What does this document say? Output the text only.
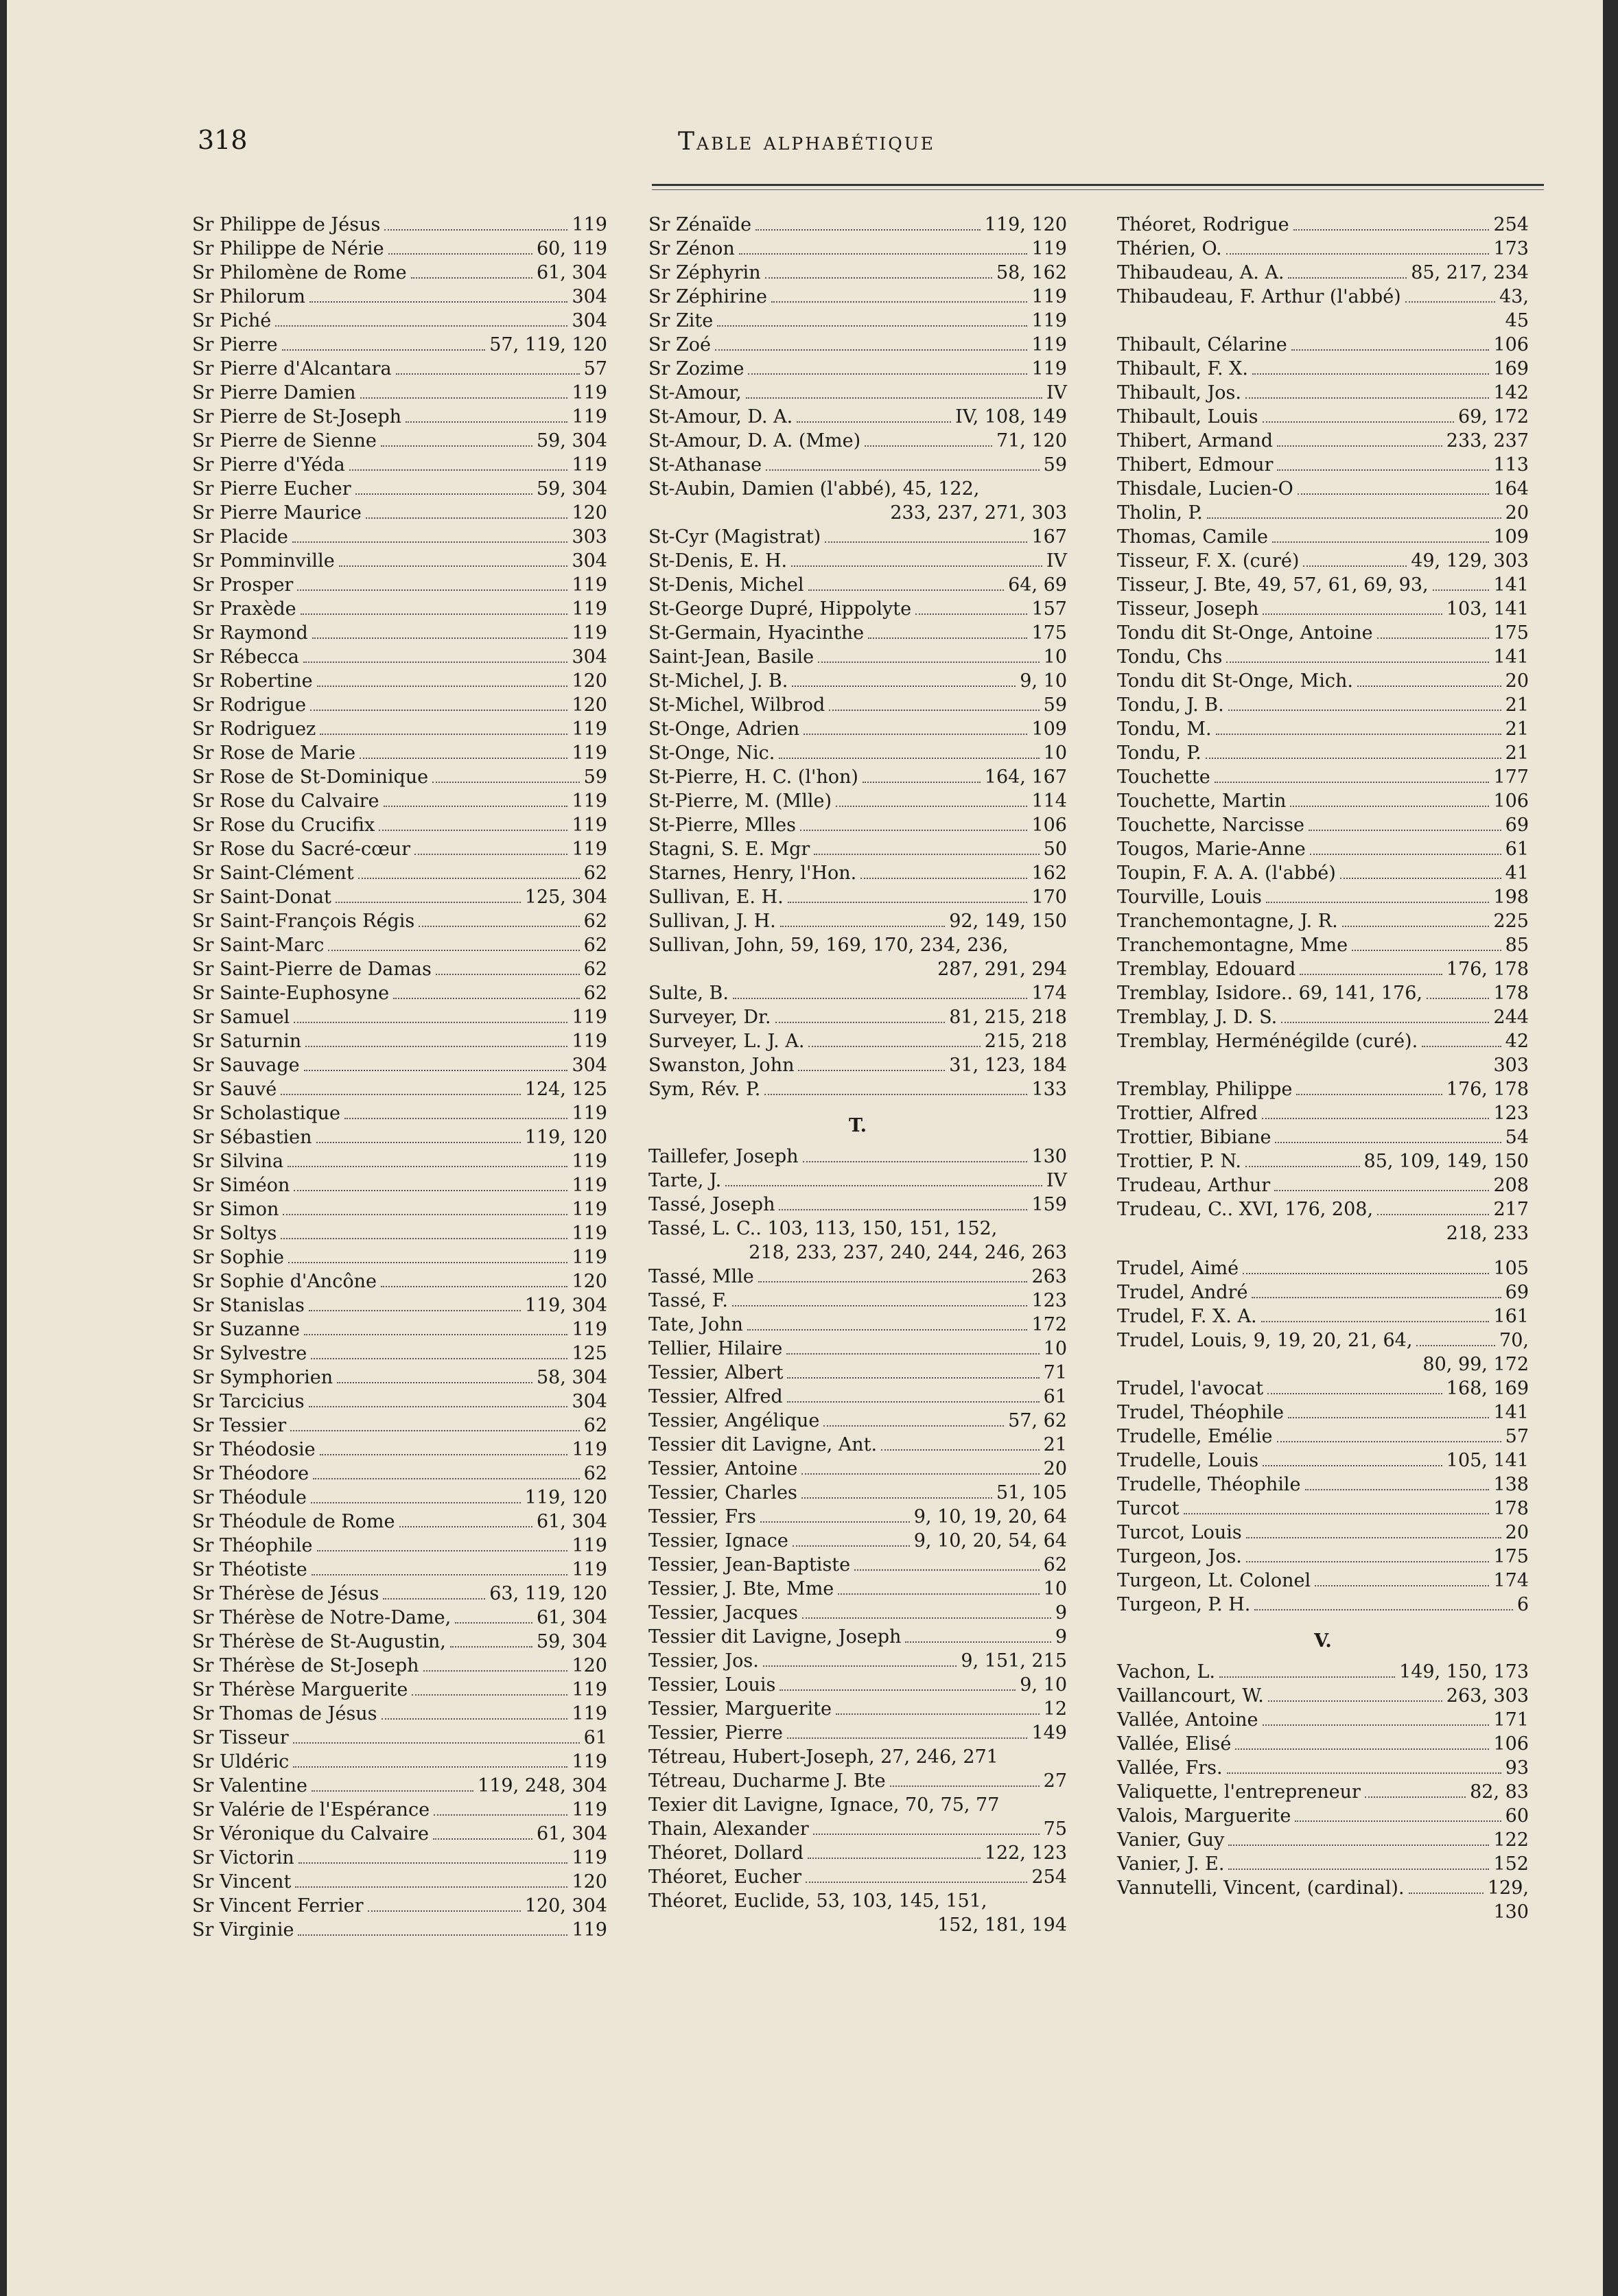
318	Table alphabétique
Sr Philippe de Jésus	119
Sr Philippe de Nérie	60, 119
Sr Philomène de Rome	61, 304
Sr Philorum	304
Sr Piché	304
Sr Pierre	57, 119, 120
Sr Pierre d'Alcantara	57
Sr Pierre Damien	119
Sr Pierre de St-Joseph	119
Sr Pierre de Sienne	59, 304
Sr Pierre d'Yéda	119
Sr Pierre Eucher	59, 304
Sr Pierre Maurice	120
Sr Placide	303
Sr Pomminville	304
Sr Prosper	119
Sr Praxède	119
Sr Raymond	119
Sr Rébecca	304
Sr Robertine	120
Sr Rodrigue	120
Sr Rodriguez	119
Sr Rose de Marie	119
Sr Rose de St-Dominique	59
Sr Rose du Calvaire	119
Sr Rose du Crucifix	119
Sr Rose du Sacré-cœur	119
Sr Saint-Clément	62
Sr Saint-Donat	125, 304
Sr Saint-François Régis	62
Sr Saint-Marc	62
Sr Saint-Pierre de Damas	62
Sr Sainte-Euphosyne	62
Sr Samuel	119
Sr Saturnin	119
Sr Sauvage	304
Sr Sauvé	124, 125
Sr Scholastique	119
Sr Sébastien	119, 120
Sr Silvina	119
Sr Siméon	119
Sr Simon	119
Sr Soltys	119
Sr Sophie	119
Sr Sophie d'Ancône	120
Sr Stanislas	119, 304
Sr Suzanne	119
Sr Sylvestre	125
Sr Symphorien	58, 304
Sr Tarcicius	304
Sr Tessier	62
Sr Théodosie	119
Sr Théodore	62
Sr Théodule	119, 120
Sr Théodule de Rome	61, 304
Sr Théophile	119
Sr Théotiste	119
Sr Thérèse de Jésus	63, 119, 120
Sr Thérèse de Notre-Dame,	61, 304
Sr Thérèse de St-Augustin,	59, 304
Sr Thérèse de St-Joseph	120
Sr Thérèse Marguerite	119
Sr Thomas de Jésus	119
Sr Tisseur	61
Sr Uldéric	119
Sr Valentine	119, 248, 304
Sr Valérie de l'Espérance	119
Sr Véronique du Calvaire	61, 304
Sr Victorin	119
Sr Vincent	120
Sr Vincent Ferrier	120, 304
Sr Virginie	119
Sr Zénaïde	119, 120
Sr Zénon	119
Sr Zéphyrin	58, 162
Sr Zéphirine	119
Sr Zite	119
Sr Zoé	119
Sr Zozime	119
St-Amour,	IV
St-Amour, D. A.	IV, 108, 149
St-Amour, D. A. (Mme)	71, 120
St-Athanase	59
St-Aubin, Damien (l'abbé), 45, 122,
233, 237, 271, 303
St-Cyr (Magistrat)	167
St-Denis, E. H.	IV
St-Denis, Michel	64, 69
St-George Dupré, Hippolyte	157
St-Germain, Hyacinthe	175
Saint-Jean, Basile	10
St-Michel, J. B.	9, 10
St-Michel, Wilbrod	59
St-Onge, Adrien	109
St-Onge, Nic.	10
St-Pierre, H. C. (l'hon)	164, 167
St-Pierre, M. (Mlle)	114
St-Pierre, Mlles	106
Stagni, S. E. Mgr	50
Starnes, Henry, l'Hon.	162
Sullivan, E. H.	170
Sullivan, J. H.	92, 149, 150
Sullivan, John, 59, 169, 170, 234, 236,
287, 291, 294
Sulte, B.	174
Surveyer, Dr.	81, 215, 218
Surveyer, L. J. A.	215, 218
Swanston, John	31, 123, 184
Sym, Rév. P.	133
T.
Taillefer, Joseph	130
Tarte, J.	IV
Tassé, Joseph	159
Tassé, L. C.. 103, 113, 150, 151, 152,
218, 233, 237, 240, 244, 246, 263
Tassé, Mlle	263
Tassé, F.	123
Tate, John	172
Tellier, Hilaire	10
Tessier, Albert	71
Tessier, Alfred	61
Tessier, Angélique	57, 62
Tessier dit Lavigne, Ant.	21
Tessier, Antoine	20
Tessier, Charles	51, 105
Tessier, Frs	9, 10, 19, 20, 64
Tessier, Ignace	9, 10, 20, 54, 64
Tessier, Jean-Baptiste	62
Tessier, J. Bte, Mme	10
Tessier, Jacques	9
Tessier dit Lavigne, Joseph	9
Tessier, Jos.	9, 151, 215
Tessier, Louis	9, 10
Tessier, Marguerite	12
Tessier, Pierre	149
Tétreau, Hubert-Joseph, 27, 246, 271
Tétreau, Ducharme J. Bte	27
Texier dit Lavigne, Ignace, 70, 75, 77
Thain, Alexander	75
Théoret, Dollard	122, 123
Théoret, Eucher	254
Théoret, Euclide, 53, 103, 145, 151,
152, 181, 194
Théoret, Rodrigue	254
Thérien, O.	173
Thibaudeau, A. A.	85, 217, 234
Thibaudeau, F. Arthur (l'abbé)	43,
45
Thibault, Célarine	106
Thibault, F. X.	169
Thibault, Jos.	142
Thibault, Louis	69, 172
Thibert, Armand	233, 237
Thibert, Edmour	113
Thisdale, Lucien-O	164
Tholin, P.	20
Thomas, Camile	109
Tisseur, F. X. (curé)	49, 129, 303
Tisseur, J. Bte, 49, 57, 61, 69, 93,	141
Tisseur, Joseph	103, 141
Tondu dit St-Onge, Antoine	175
Tondu, Chs	141
Tondu dit St-Onge, Mich.	20
Tondu, J. B.	21
Tondu, M.	21
Tondu, P.	21
Touchette	177
Touchette, Martin	106
Touchette, Narcisse	69
Tougos, Marie-Anne	61
Toupin, F. A. A. (l'abbé)	41
Tourville, Louis	198
Tranchemontagne, J. R.	225
Tranchemontagne, Mme	85
Tremblay, Edouard	176, 178
Tremblay, Isidore.. 69, 141, 176,	178
Tremblay, J. D. S.	244
Tremblay, Herménégilde (curé).	42
303
Tremblay, Philippe	176, 178
Trottier, Alfred	123
Trottier, Bibiane	54
Trottier, P. N.	85, 109, 149, 150
Trudeau, Arthur	208
Trudeau, C.. XVI, 176, 208,	217
218, 233
Trudel, Aimé	105
Trudel, André	69
Trudel, F. X. A.	161
Trudel, Louis, 9, 19, 20, 21, 64,	70,
80, 99, 172
Trudel, l'avocat	168, 169
Trudel, Théophile	141
Trudelle, Emélie	57
Trudelle, Louis	105, 141
Trudelle, Théophile	138
Turcot	178
Turcot, Louis	20
Turgeon, Jos.	175
Turgeon, Lt. Colonel	174
Turgeon, P. H.	6
V.
Vachon, L.	149, 150, 173
Vaillancourt, W.	263, 303
Vallée, Antoine	171
Vallée, Elisé	106
Vallée, Frs.	93
Valiquette, l'entrepreneur	82, 83
Valois, Marguerite	60
Vanier, Guy	122
Vanier, J. E.	152
Vannutelli, Vincent, (cardinal).	129,
130
